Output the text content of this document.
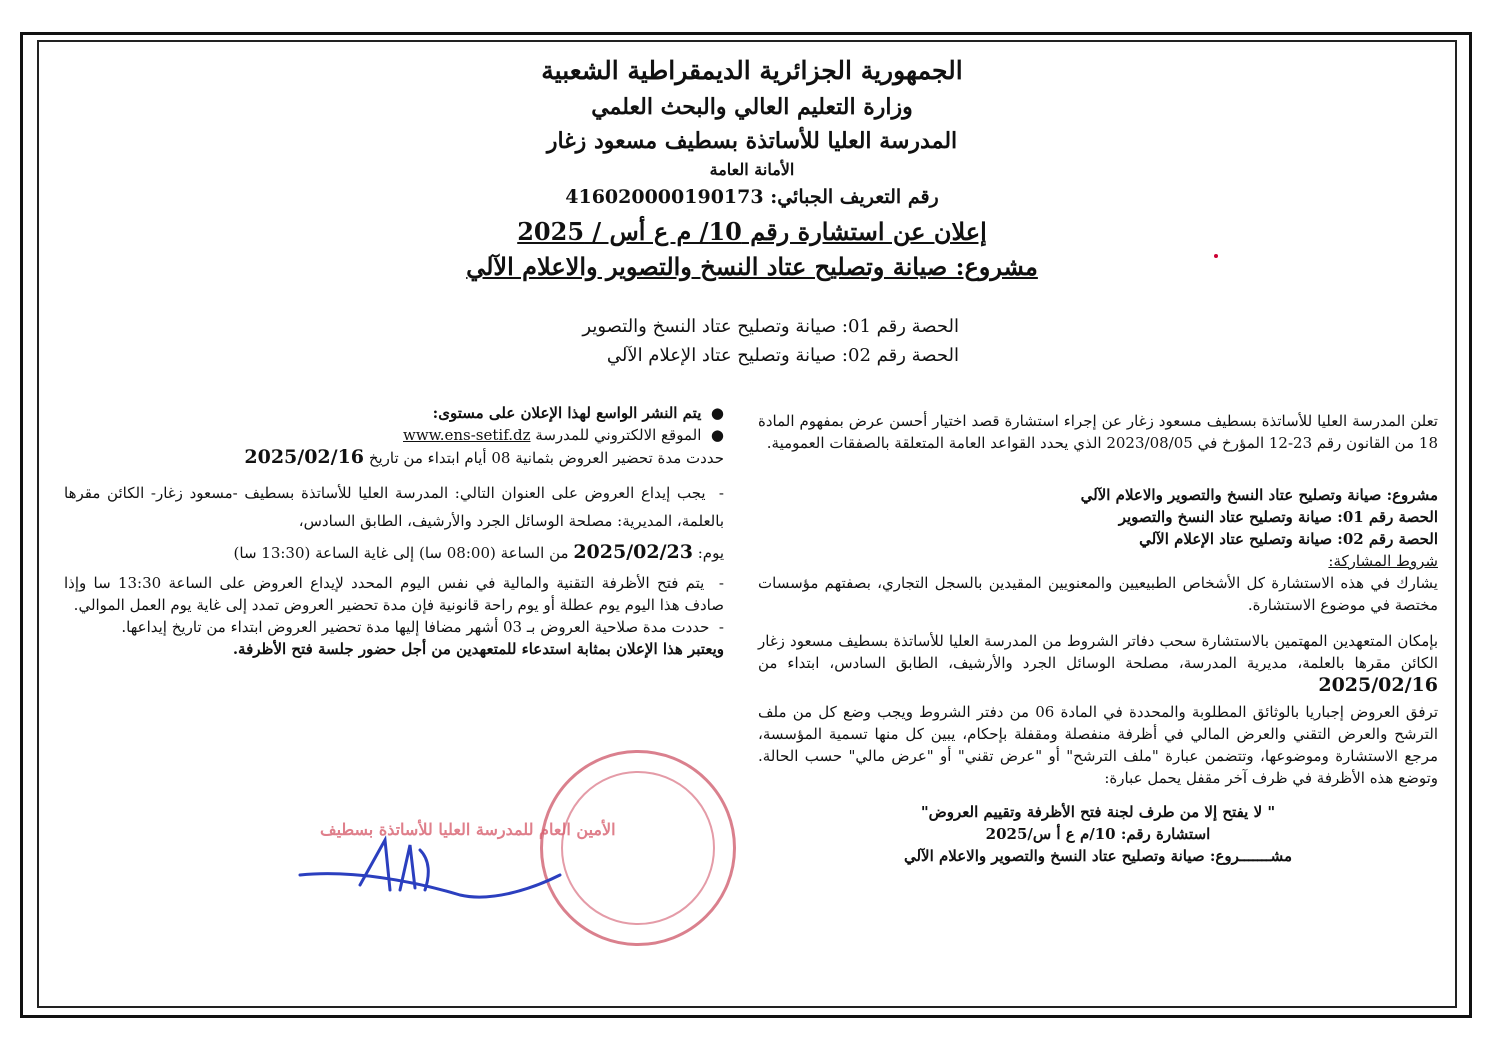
الجمهورية الجزائرية الديمقراطية الشعبية
وزارة التعليم العالي والبحث العلمي
المدرسة العليا للأساتذة بسطيف مسعود زغار
الأمانة العامة
رقم التعريف الجبائي: 416020000190173
إعلان عن استشارة رقم 10/ م ع أس / 2025
مشروع: صيانة وتصليح عتاد النسخ والتصوير والاعلام الآلي
الحصة رقم 01: صيانة وتصليح عتاد النسخ والتصوير
الحصة رقم 02: صيانة وتصليح عتاد الإعلام الآلي

تعلن المدرسة العليا للأساتذة بسطيف مسعود زغار عن إجراء استشارة قصد اختيار أحسن عرض بمفهوم المادة 18 من القانون رقم 23-12 المؤرخ في 2023/08/05 الذي يحدد القواعد العامة المتعلقة بالصفقات العمومية.

مشروع: صيانة وتصليح عتاد النسخ والتصوير والاعلام الآلي

الحصة رقم 01: صيانة وتصليح عتاد النسخ والتصوير

الحصة رقم 02: صيانة وتصليح عتاد الإعلام الآلي

شروط المشاركة:

يشارك في هذه الاستشارة كل الأشخاص الطبيعيين والمعنويين المقيدين بالسجل التجاري، بصفتهم مؤسسات مختصة في موضوع الاستشارة.

بإمكان المتعهدين المهتمين بالاستشارة سحب دفاتر الشروط من المدرسة العليا للأساتذة بسطيف مسعود زغار الكائن مقرها بالعلمة، مديرية المدرسة، مصلحة الوسائل الجرد والأرشيف، الطابق السادس، ابتداء من 2025/02/16

ترفق العروض إجباريا بالوثائق المطلوبة والمحددة في المادة 06 من دفتر الشروط ويجب وضع كل من ملف الترشح والعرض التقني والعرض المالي في أظرفة منفصلة ومقفلة بإحكام، يبين كل منها تسمية المؤسسة، مرجع الاستشارة وموضوعها، وتتضمن عبارة "ملف الترشح" أو "عرض تقني" أو "عرض مالي" حسب الحالة. وتوضع هذه الأظرفة في ظرف آخر مقفل يحمل عبارة:

" لا يفتح إلا من طرف لجنة فتح الأظرفة وتقييم العروض"

استشارة رقم: 10/م ع أ س/2025

مشـــــــروع: صيانة وتصليح عتاد النسخ والتصوير والاعلام الآلي

●  يتم النشر الواسع لهذا الإعلان على مستوى:

●  الموقع الالكتروني للمدرسة www.ens-setif.dz

حددت مدة تحضير العروض بثمانية 08 أيام ابتداء من تاريخ 2025/02/16

-  يجب إيداع العروض على العنوان التالي: المدرسة العليا للأساتذة بسطيف -مسعود زغار- الكائن مقرها بالعلمة، المديرية: مصلحة الوسائل الجرد والأرشيف، الطابق السادس،

يوم: 2025/02/23 من الساعة (08:00 سا) إلى غاية الساعة (13:30 سا)

-  يتم فتح الأظرفة التقنية والمالية في نفس اليوم المحدد لإيداع العروض على الساعة 13:30 سا وإذا صادف هذا اليوم يوم عطلة أو يوم راحة قانونية فإن مدة تحضير العروض تمدد إلى غاية يوم العمل الموالي.

-  حددت مدة صلاحية العروض بـ 03 أشهر مضافا إليها مدة تحضير العروض ابتداء من تاريخ إيداعها.

ويعتبر هذا الإعلان بمثابة استدعاء للمتعهدين من أجل حضور جلسة فتح الأظرفة.

الأمين العام للمدرسة العليا للأساتذة بسطيف
